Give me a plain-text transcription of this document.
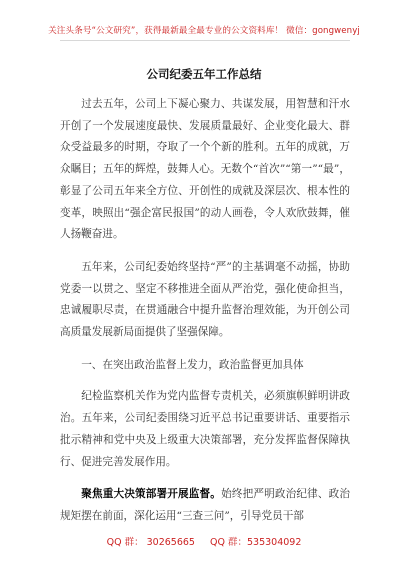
关注头条号“公文研究”，获得最新最全最专业的公文资料库！ 微信：gongwenyj
公司纪委五年工作总结

过去五年，公司上下凝心聚力、共谋发展，用智慧和汗水开创了一个发展速度最快、发展质量最好、企业变化最大、群众受益最多的时期，夺取了一个个新的胜利。五年的成就，万众瞩目；五年的辉煌，鼓舞人心。无数个“首次”“第一”“最”，彰显了公司五年来全方位、开创性的成就及深层次、根本性的变革，映照出“强企富民报国”的动人画卷，令人欢欣鼓舞，催人扬鞭奋进。

五年来，公司纪委始终坚持“严”的主基调毫不动摇，协助党委一以贯之、坚定不移推进全面从严治党，强化使命担当，忠诚履职尽责，在贯通融合中提升监督治理效能，为开创公司高质量发展新局面提供了坚强保障。

一、在突出政治监督上发力，政治监督更加具体

纪检监察机关作为党内监督专责机关，必须旗帜鲜明讲政治。五年来，公司纪委围绕习近平总书记重要讲话、重要指示批示精神和党中央及上级重大决策部署，充分发挥监督保障执行、促进完善发展作用。

聚焦重大决策部署开展监督。始终把严明政治纪律、政治规矩摆在前面，深化运用“三查三问”，引导党员干部

QQ 群： 30265665 QQ 群：535304092
